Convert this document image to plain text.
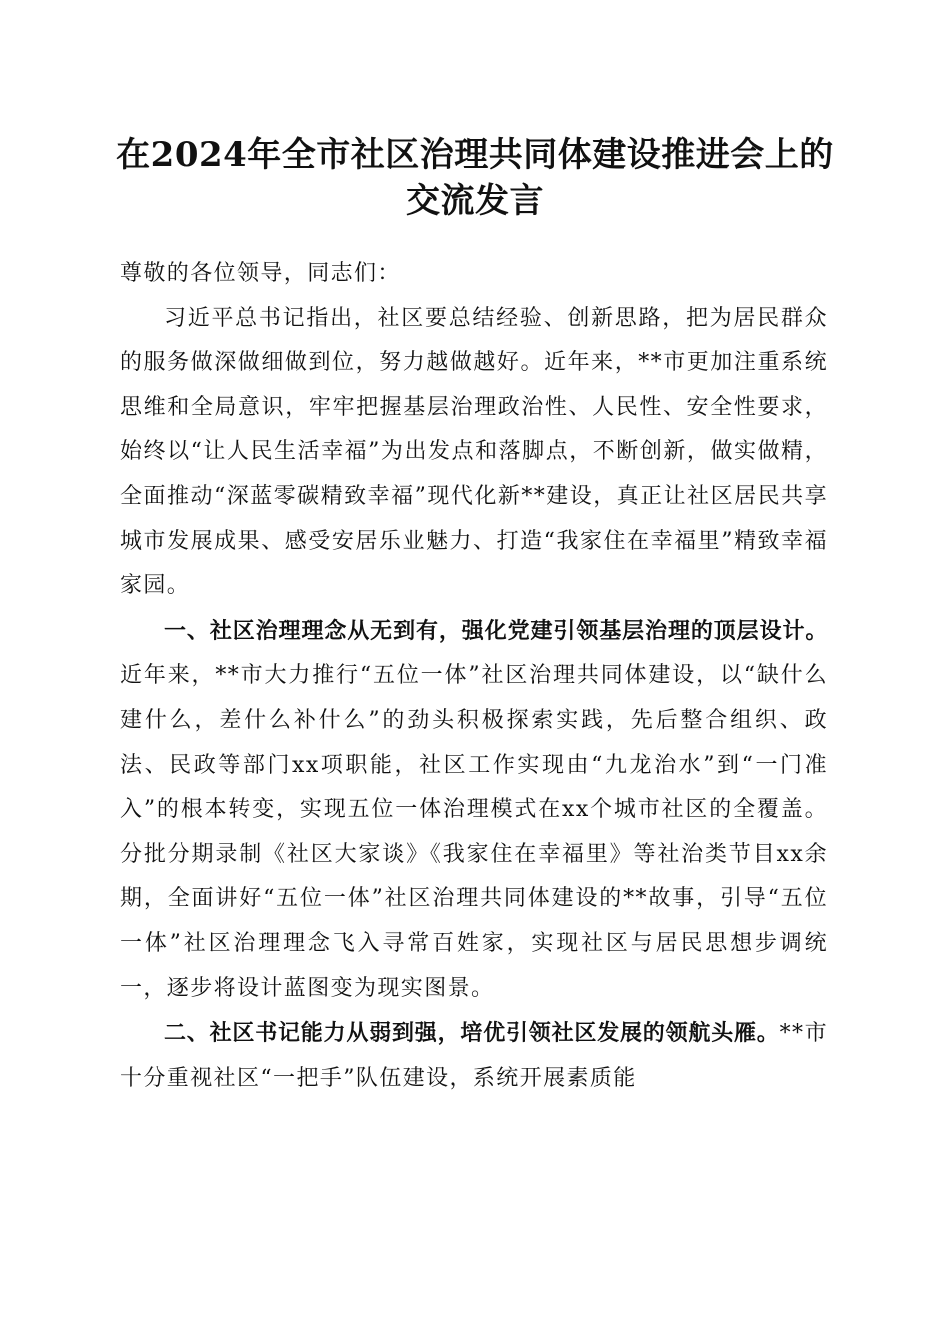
在2024年全市社区治理共同体建设推进会上的交流发言

尊敬的各位领导，同志们：

习近平总书记指出，社区要总结经验、创新思路，把为居民群众的服务做深做细做到位，努力越做越好。近年来，**市更加注重系统思维和全局意识，牢牢把握基层治理政治性、人民性、安全性要求，始终以“让人民生活幸福”为出发点和落脚点，不断创新，做实做精，全面推动“深蓝零碳精致幸福”现代化新**建设，真正让社区居民共享城市发展成果、感受安居乐业魅力、打造“我家住在幸福里”精致幸福家园。

一、社区治理理念从无到有，强化党建引领基层治理的顶层设计。近年来，**市大力推行“五位一体”社区治理共同体建设，以“缺什么建什么，差什么补什么”的劲头积极探索实践，先后整合组织、政法、民政等部门xx项职能，社区工作实现由“九龙治水”到“一门准入”的根本转变，实现五位一体治理模式在xx个城市社区的全覆盖。分批分期录制《社区大家谈》《我家住在幸福里》等社治类节目xx余期，全面讲好“五位一体”社区治理共同体建设的**故事，引导“五位一体”社区治理理念飞入寻常百姓家，实现社区与居民思想步调统一，逐步将设计蓝图变为现实图景。

二、社区书记能力从弱到强，培优引领社区发展的领航头雁。**市十分重视社区“一把手”队伍建设，系统开展素质能
